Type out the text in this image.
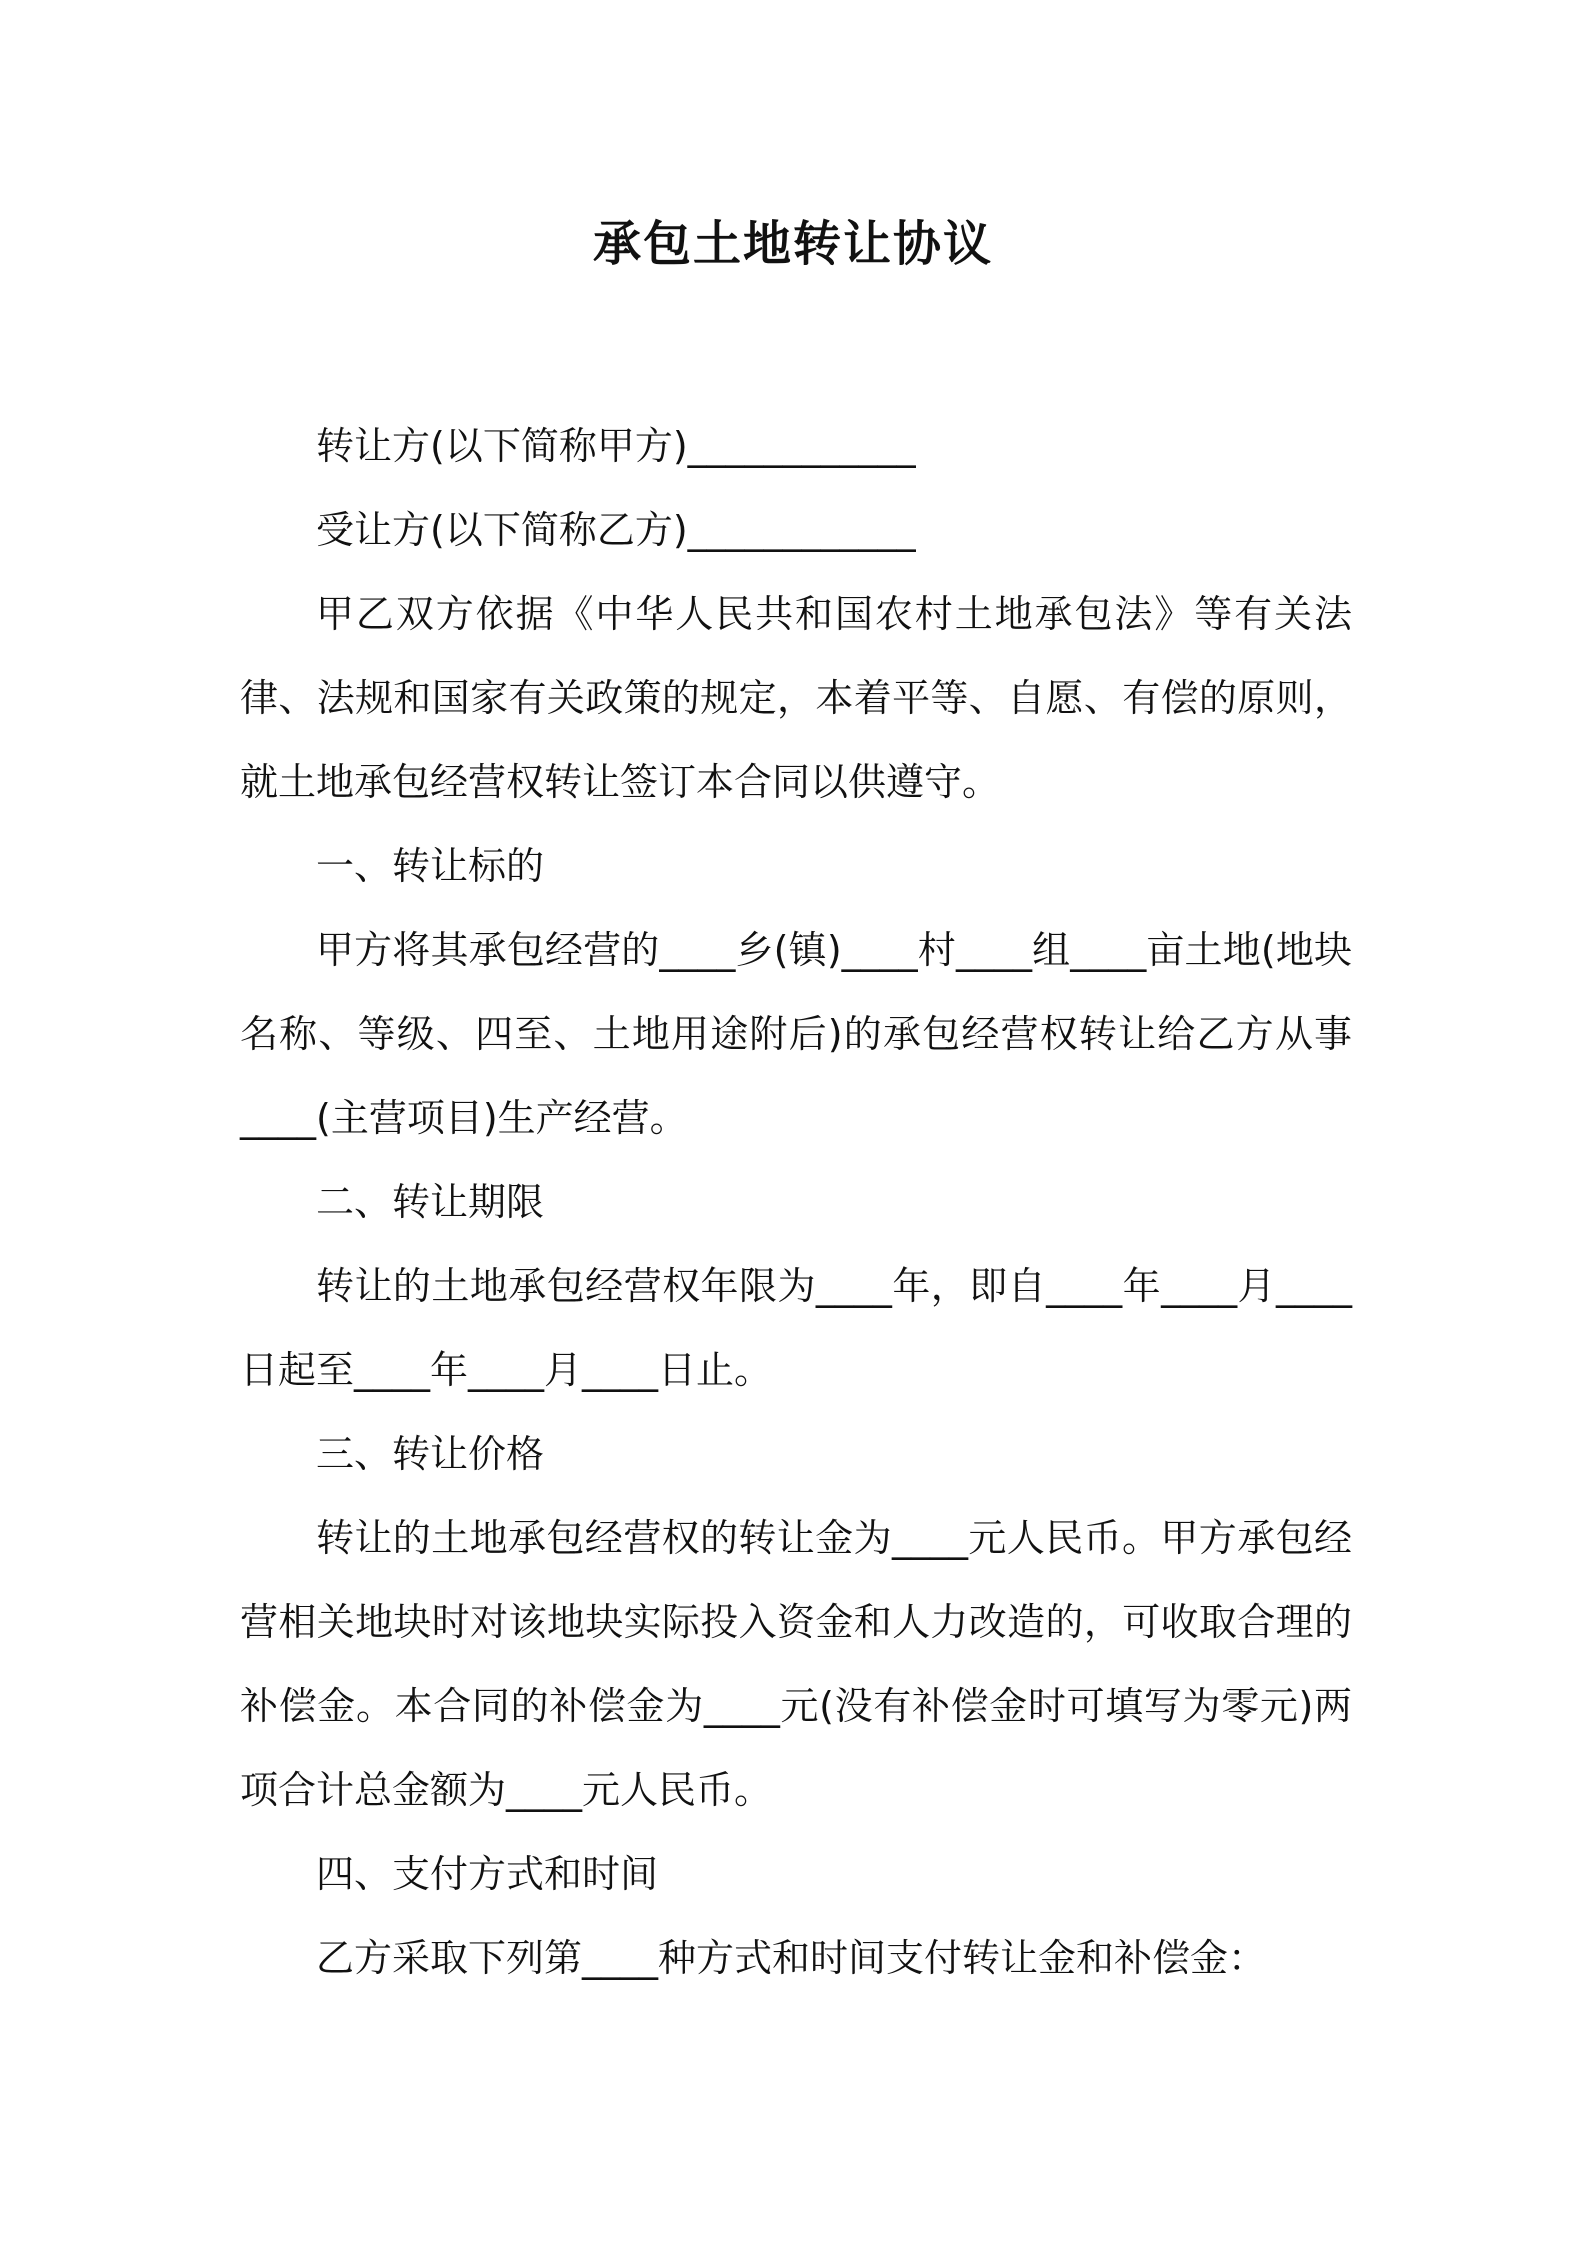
承包土地转让协议

转让方(以下简称甲方)____________

受让方(以下简称乙方)____________

甲乙双方依据《中华人民共和国农村土地承包法》等有关法律、法规和国家有关政策的规定，本着平等、自愿、有偿的原则，就土地承包经营权转让签订本合同以供遵守。

一、转让标的

甲方将其承包经营的____乡(镇)____村____组____亩土地(地块名称、等级、四至、土地用途附后)的承包经营权转让给乙方从事____(主营项目)生产经营。

二、转让期限

转让的土地承包经营权年限为____年，即自____年____月____日起至____年____月____日止。

三、转让价格

转让的土地承包经营权的转让金为____元人民币。甲方承包经营相关地块时对该地块实际投入资金和人力改造的，可收取合理的补偿金。本合同的补偿金为____元(没有补偿金时可填写为零元)两项合计总金额为____元人民币。

四、支付方式和时间

乙方采取下列第____种方式和时间支付转让金和补偿金：
